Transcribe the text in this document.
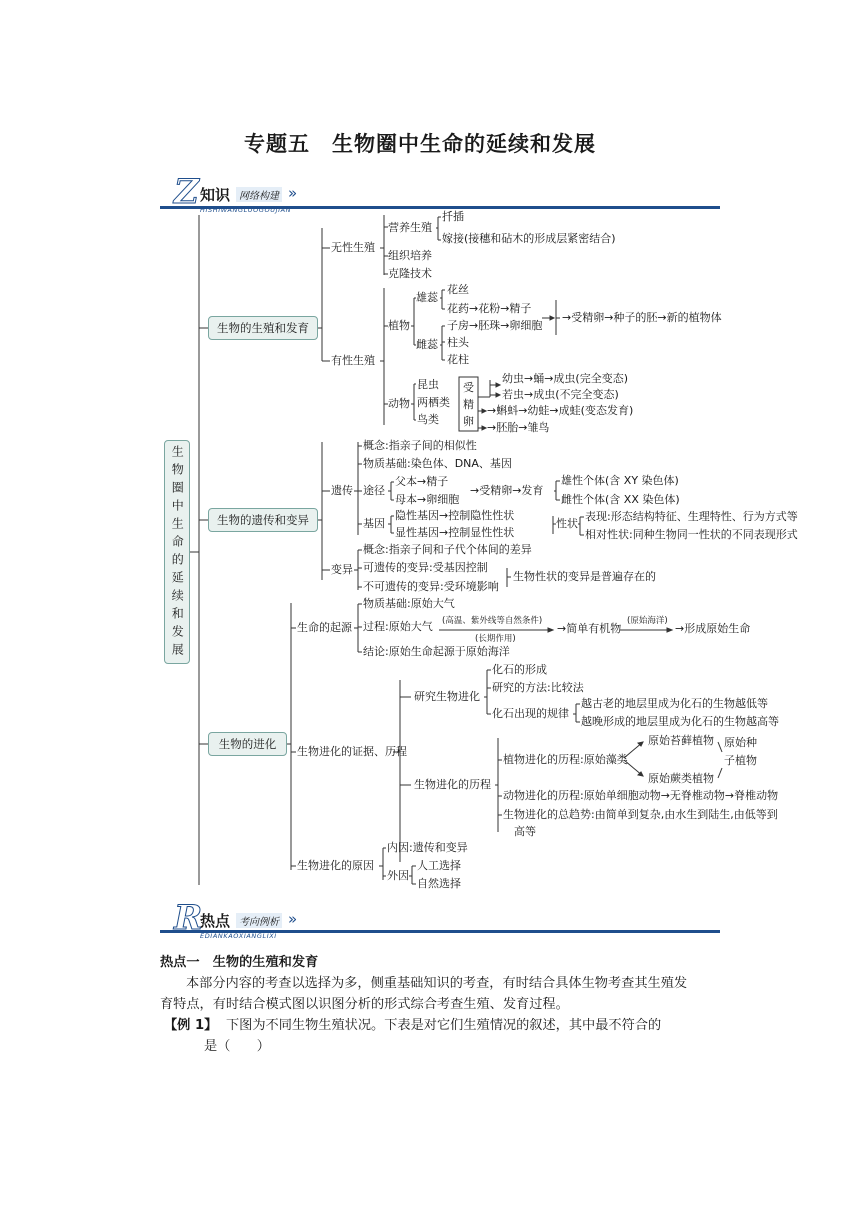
专题五　生物圈中生命的延续和发展
Z 知识 网络构建 »
HISHIWANGLUOGOUJIAN
生物圈中生命的延续和发展
生物的生殖和发育
生物的遗传和变异
生物的进化
无性生殖
营养生殖
扦插
嫁接(接穗和砧木的形成层紧密结合)
组织培养
克隆技术
有性生殖
植物
雄蕊
花丝
花药→花粉→精子
雌蕊
子房→胚珠→卵细胞
柱头
花柱
→受精卵→种子的胚→新的植物体
动物
昆虫
两栖类
鸟类
受精卵
幼虫→蛹→成虫(完全变态)
若虫→成虫(不完全变态)
→蝌蚪→幼蛙→成蛙(变态发育)
→胚胎→雏鸟
遗传
概念:指亲子间的相似性
物质基础:染色体、DNA、基因
途径
父本→精子
母本→卵细胞
→受精卵→发育
雄性个体(含 XY 染色体)
雌性个体(含 XX 染色体)
基因
隐性基因→控制隐性性状
显性基因→控制显性性状
性状
表现:形态结构特征、生理特性、行为方式等
相对性状:同种生物同一性状的不同表现形式
变异
概念:指亲子间和子代个体间的差异
可遗传的变异:受基因控制
不可遗传的变异:受环境影响
生物性状的变异是普遍存在的
生命的起源
物质基础:原始大气
过程:原始大气 (高温、紫外线等自然条件)
(长期作用)
→简单有机物
(原始海洋)
→形成原始生命
结论:原始生命起源于原始海洋
生物进化的证据、历程
研究生物进化
化石的形成
研究的方法:比较法
化石出现的规律
越古老的地层里成为化石的生物越低等
越晚形成的地层里成为化石的生物越高等
生物进化的历程
植物进化的历程:原始藻类
原始苔藓植物
原始蕨类植物
原始种
子植物
动物进化的历程:原始单细胞动物→无脊椎动物→脊椎动物
生物进化的总趋势:由简单到复杂,由水生到陆生,由低等到
高等
生物进化的原因
内因:遗传和变异
外因
人工选择
自然选择
R
热点 考向例析 »
EDIANKAOXIANGLIXI
热点一　生物的生殖和发育
本部分内容的考查以选择为多，侧重基础知识的考查，有时结合具体生物考查其生殖发
育特点，有时结合模式图以识图分析的形式综合考查生殖、发育过程。
【例 1】 下图为不同生物生殖状况。下表是对它们生殖情况的叙述，其中最不符合的
是（　　）
